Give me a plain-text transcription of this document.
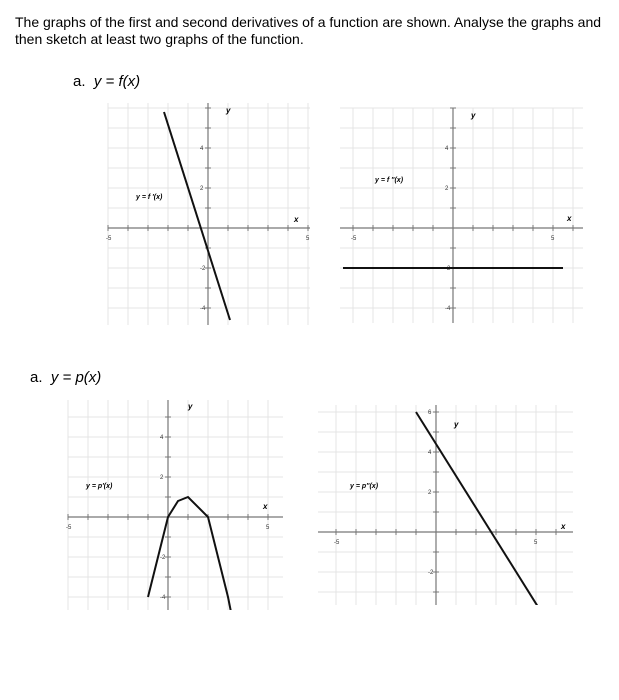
The graphs of the first and second derivatives of a function are shown. Analyse the graphs and then sketch at least two graphs of the function.
a. y = f(x)
a. y = p(x)
-5	5
4
2
-2
-4
x
y
y = f '(x)
-5	5
4
2
-2
-4
x
y
y = f ''(x)
-5	5
4
2
-2
-4
x
y
y = p'(x)
-5	5
6
4
2
-2
x
y
y = p''(x)
